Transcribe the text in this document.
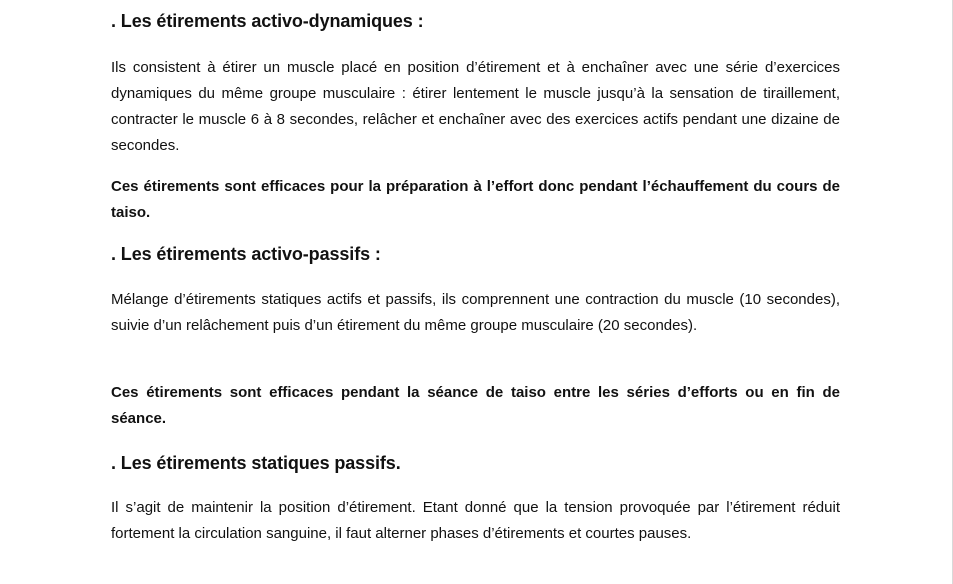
. Les étirements activo-dynamiques :

Ils consistent à étirer un muscle placé en position d’étirement et à enchaîner avec une série d’exercices dynamiques du même groupe musculaire : étirer lentement le muscle jusqu’à la sensation de tiraillement, contracter le muscle 6 à 8 secondes, relâcher et enchaîner avec des exercices actifs pendant une dizaine de secondes.

Ces étirements sont efficaces pour la préparation à l’effort donc pendant l’échauffement du cours de taiso.

. Les étirements activo-passifs :

Mélange d’étirements statiques actifs et passifs, ils comprennent une contraction du muscle (10 secondes), suivie d’un relâchement puis d’un étirement du même groupe musculaire (20 secondes).

Ces étirements sont efficaces pendant la séance de taiso entre les séries d’efforts ou en fin de séance.

. Les étirements statiques passifs.

Il s’agit de maintenir la position d’étirement. Etant donné que la tension provoquée par l’étirement réduit fortement la circulation sanguine, il faut alterner phases d’étirements et courtes pauses.
